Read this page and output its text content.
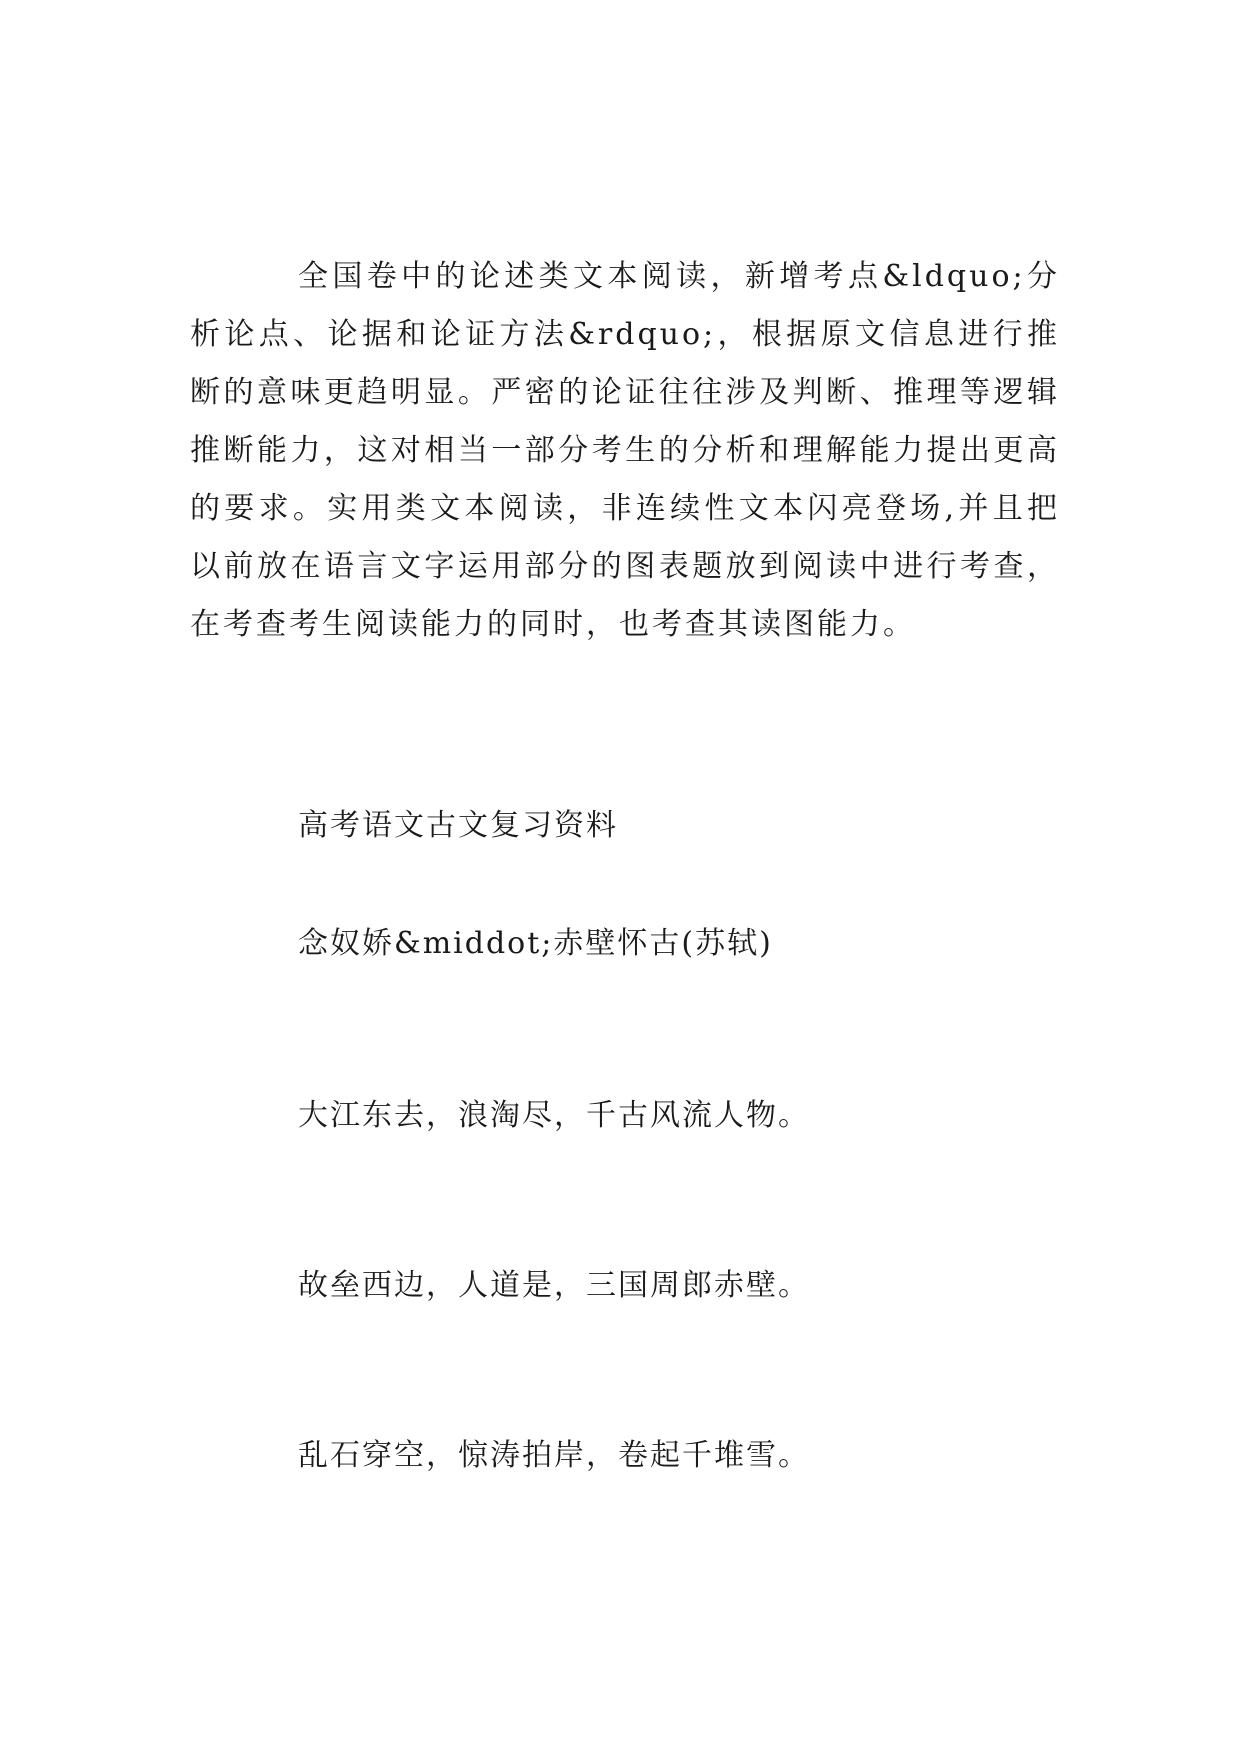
全国卷中的论述类文本阅读，新增考点&ldquo;分析论点、论据和论证方法&rdquo;，根据原文信息进行推断的意味更趋明显。严密的论证往往涉及判断、推理等逻辑推断能力，这对相当一部分考生的分析和理解能力提出更高的要求。实用类文本阅读，非连续性文本闪亮登场,并且把以前放在语言文字运用部分的图表题放到阅读中进行考查，在考查考生阅读能力的同时，也考查其读图能力。

高考语文古文复习资料

念奴娇&middot;赤壁怀古(苏轼)

大江东去，浪淘尽，千古风流人物。

故垒西边，人道是，三国周郎赤壁。

乱石穿空，惊涛拍岸，卷起千堆雪。
